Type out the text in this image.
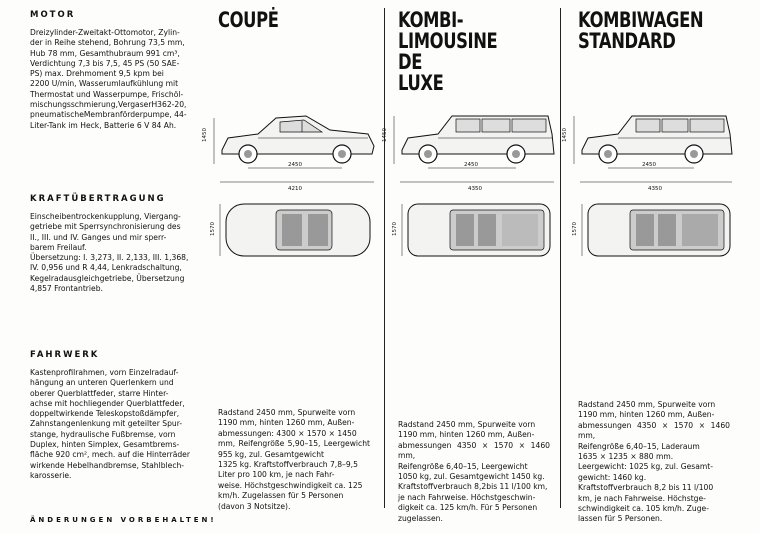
MOTOR
Dreizylinder-Zweitakt-Ottomotor, Zylin-
der in Reihe stehend, Bohrung 73,5 mm,
Hub 78 mm, Gesamthubraum 991 cm³,
Verdichtung 7,3 bis 7,5, 45 PS (50 SAE-
PS) max. Drehmoment 9,5 kpm bei
2200 U/min, Wasserumlaufkühlung mit
Thermostat und Wasserpumpe, Frischöl-
mischungsschmierung,VergaserH362-20,
pneumatischeMembranförderpumpe, 44-
Liter-Tank im Heck, Batterie 6 V 84 Ah.
KRAFTÜBERTRAGUNG
Einscheibentrockenkupplung, Viergang-
getriebe mit Sperrsynchronisierung des
II., III. und IV. Ganges und mir sperr-
barem Freilauf.
Übersetzung: I. 3,273, II. 2,133, III. 1,368,
IV. 0,956 und R 4,44, Lenkradschaltung,
Kegelradausgleichgetriebe, Übersetzung
4,857 Frontantrieb.
FAHRWERK
Kastenprofilrahmen, vorn Einzelradauf-
hängung an unteren Querlenkern und
oberer Querblattfeder, starre Hinter-
achse mit hochliegender Querblattfeder,
doppeltwirkende Teleskopstoßdämpfer,
Zahnstangenlenkung mit geteilter Spur-
stange, hydraulische Fußbremse, vorn
Duplex, hinten Simplex, Gesamtbrems-
fläche 920 cm², mech. auf die Hinterräder
wirkende Hebelhandbremse, Stahlblech-
karosserie.
COUPĖ
1450
2450
4210
1570
Radstand 2450 mm, Spurweite vorn
1190 mm, hinten 1260 mm, Außen-
abmessungen: 4300 × 1570 × 1450
mm, Reifengröße 5,90–15, Leergewicht 955 kg, zul. Gesamtgewicht
1325 kg. Kraftstoffverbrauch 7,8–9,5
Liter pro 100 km, je nach Fahr-
weise. Höchstgeschwindigkeit ca. 125
km/h. Zugelassen für 5 Personen
(davon 3 Notsitze).
KOMBI-
LIMOUSINE
DE
LUXE
1450
2450
4350
1570
Radstand 2450 mm, Spurweite vorn
1190 mm, hinten 1260 mm, Außen-
abmessungen 4350 × 1570 × 1460 mm,
Reifengröße 6,40–15, Leergewicht
1050 kg, zul. Gesamtgewicht 1450 kg.
Kraftstoffverbrauch 8,2bis 11 l/100 km,
je nach Fahrweise. Höchstgeschwin-
digkeit ca. 125 km/h. Für 5 Personen
zugelassen.
KOMBIWAGEN
STANDARD
1450
2450
4350
1570
Radstand 2450 mm, Spurweite vorn
1190 mm, hinten 1260 mm, Außen-
abmessungen 4350 × 1570 × 1460 mm,
Reifengröße 6,40–15, Laderaum
1635 × 1235 × 880 mm.
Leergewicht: 1025 kg, zul. Gesamt-
gewicht: 1460 kg.
Kraftstoffverbrauch 8,2 bis 11 l/100
km, je nach Fahrweise. Höchstge-
schwindigkeit ca. 105 km/h. Zuge-
lassen für 5 Personen.

ÄNDERUNGEN VORBEHALTEN!
